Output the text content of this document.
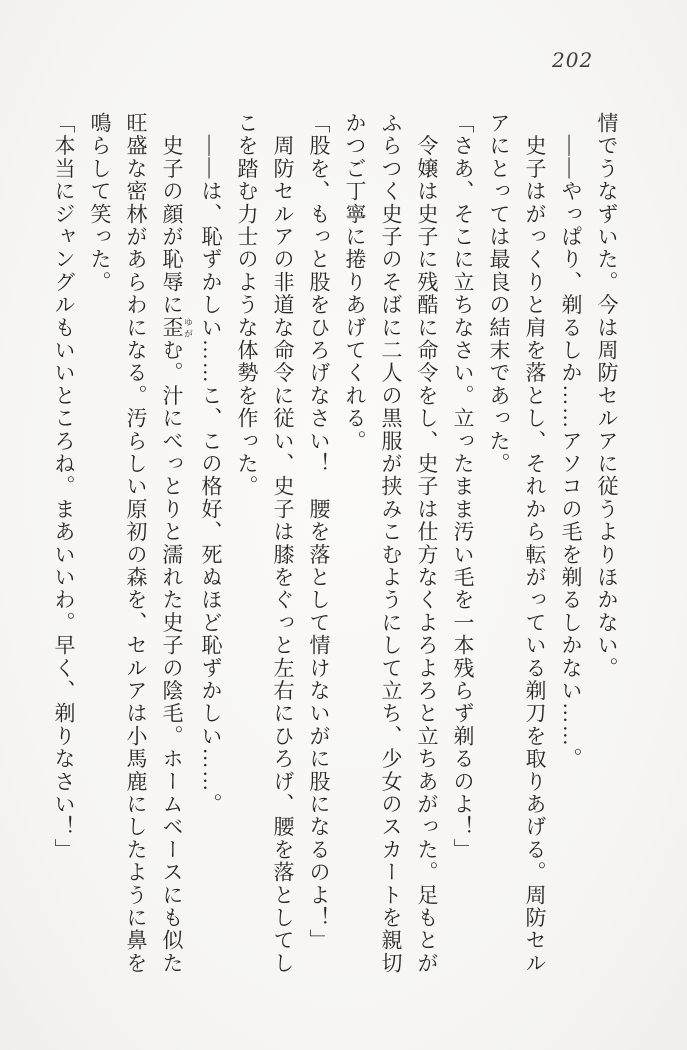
202

情でうなずいた。今は周防セルアに従うよりほかない。

　――やっぱり、剃るしか……アソコの毛を剃るしかない……。

　史子はがっくりと肩を落とし、それから転がっている剃刀を取りあげる。周防セル

アにとっては最良の結末であった。

「さあ、そこに立ちなさい。立ったまま汚い毛を一本残らず剃るのよ！」

　令嬢は史子に残酷に命令をし、史子は仕方なくよろよろと立ちあがった。足もとが

ふらつく史子のそばに二人の黒服が挟みこむようにして立ち、少女のスカートを親切

かつご丁寧に捲りあげてくれる。

「股を、もっと股をひろげなさい！　腰を落として情けないがに股になるのよ！」

　周防セルアの非道な命令に従い、史子は膝をぐっと左右にひろげ、腰を落としてし

こを踏む力士のような体勢を作った。

　――は、恥ずかしい……こ、この格好、死ぬほど恥ずかしい……。

　史子の顔が恥辱に歪 ゆがむ。汁にべっとりと濡れた史子の陰毛。ホームベースにも似た

旺盛な密林があらわになる。汚らしい原初の森を、セルアは小馬鹿にしたように鼻を

鳴らして笑った。

「本当にジャングルもいいところね。まあいいわ。早く、剃りなさい！」
